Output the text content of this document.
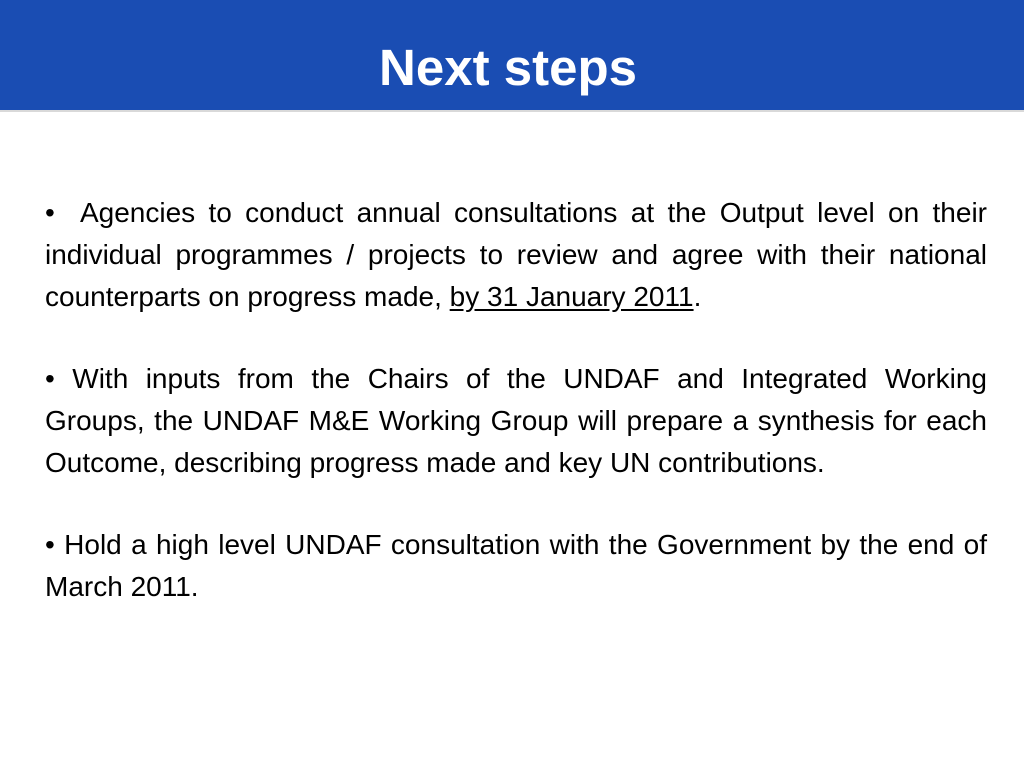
Next steps

• Agencies to conduct annual consultations at the Output level on their individual programmes / projects to review and agree with their national counterparts on progress made, by 31 January 2011.

• With inputs from the Chairs of the UNDAF and Integrated Working Groups, the UNDAF M&E Working Group will prepare a synthesis for each Outcome, describing progress made and key UN contributions.

• Hold a high level UNDAF consultation with the Government by the end of March 2011.
